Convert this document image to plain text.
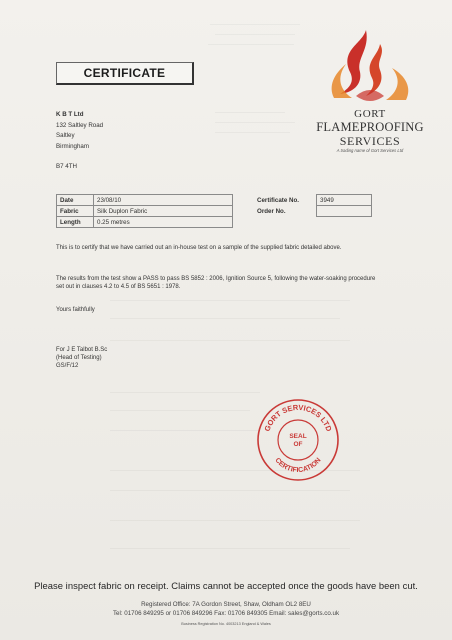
CERTIFICATE
K B T Ltd
132 Saltley Road
Saltley
Birmingham
B7 4TH
GORT
FLAMEPROOFING
SERVICES
A trading name of Gort Services Ltd
Date	23/08/10
Fabric	Silk Duplon Fabric
Length	0.25 metres
Certificate No.	3949
Order No.	
This is to certify that we have carried out an in-house test on a sample of the supplied fabric detailed above.
The results from the test show a PASS to pass BS 5852 : 2006, Ignition Source 5, following the water-soaking procedure set out in clauses 4.2 to 4.5 of BS 5651 : 1978.
Yours faithfully
For J E Talbot B.Sc
(Head of Testing)
GS/F/12
GORT SERVICES LTD
CERTIFICATION
SEAL
OF
Please inspect fabric on receipt. Claims cannot be accepted once the goods have been cut.
Registered Office: 7A Gordon Street, Shaw, Oldham OL2 8EU
Tel: 01706 849295 or 01706 849296 Fax: 01706 849305 Email: sales@gorts.co.uk
Business Registration No. 4003213 England & Wales
